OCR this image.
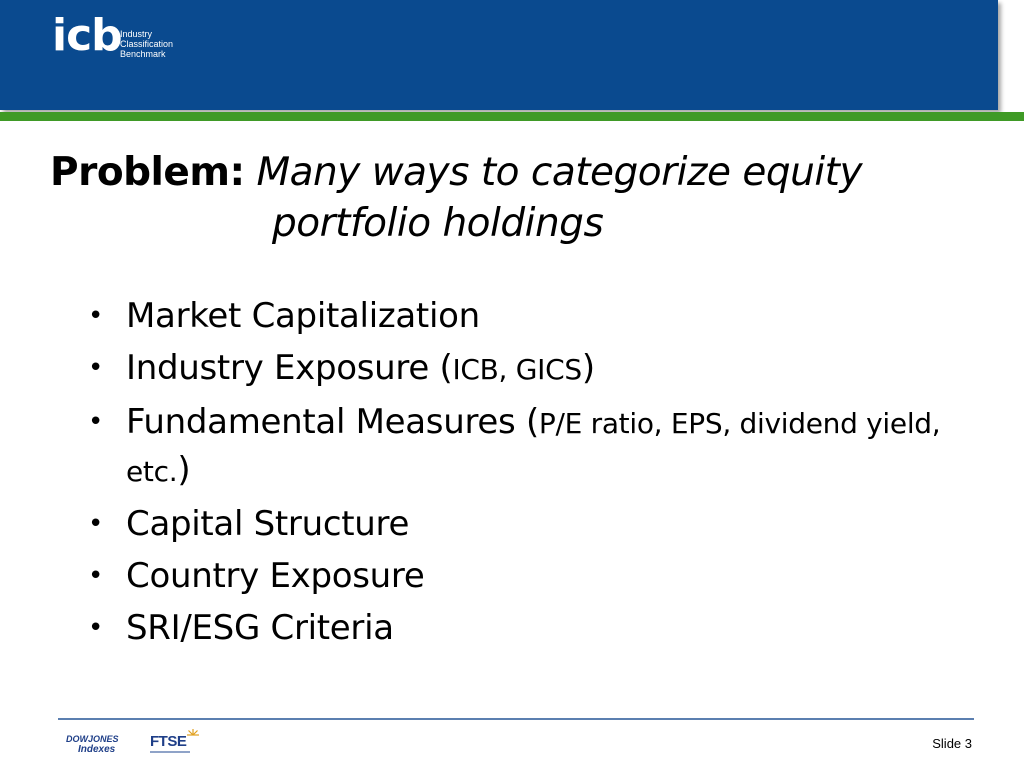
icb
Industry
Classification
Benchmark
Problem: Many ways to categorize equity
portfolio holdings
• Market Capitalization
• Industry Exposure (ICB, GICS)
• Fundamental Measures (P/E ratio, EPS, dividend yield, etc.)
• Capital Structure
• Country Exposure
• SRI/ESG Criteria
DOWJONES
Indexes FTSE	Slide 3
